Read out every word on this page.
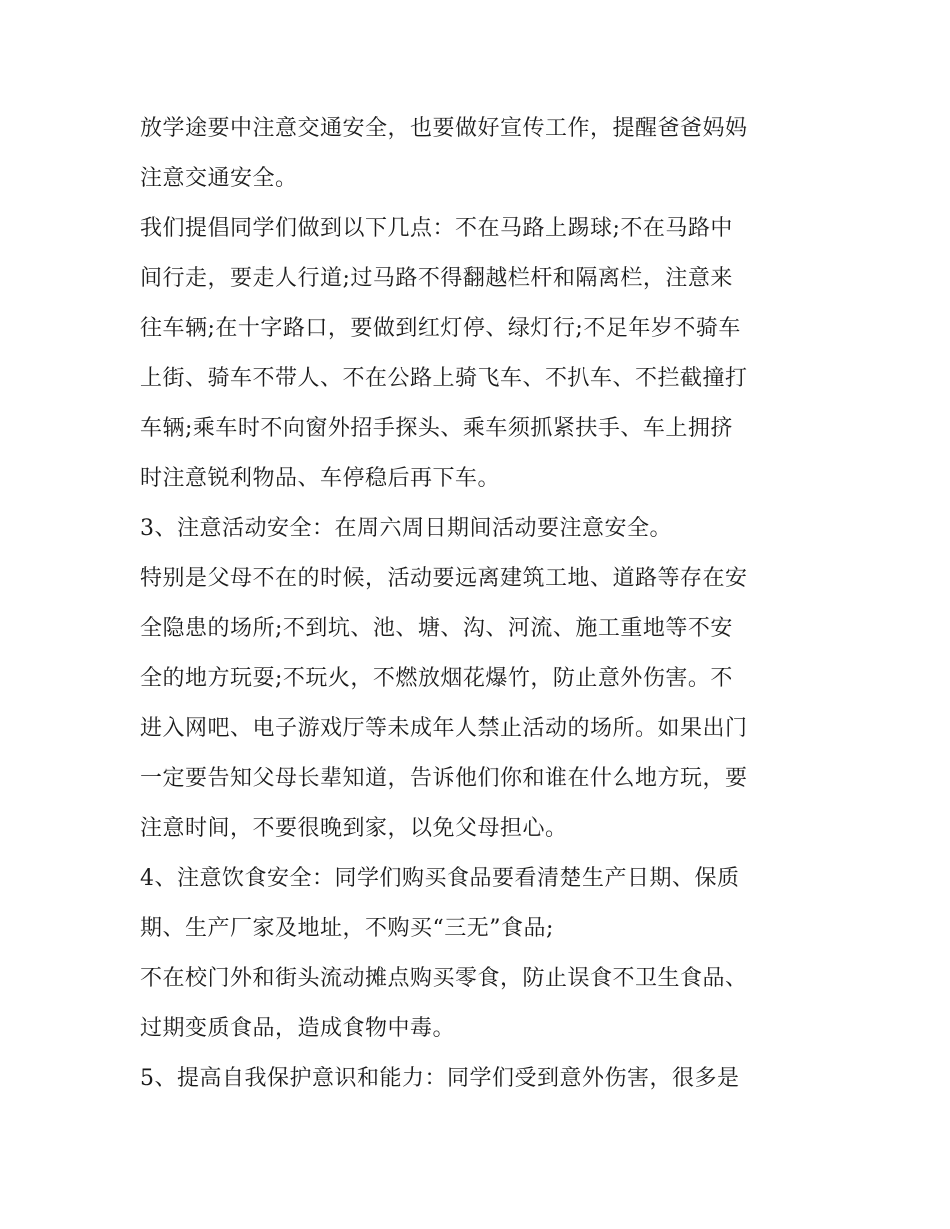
放学途要中注意交通安全，也要做好宣传工作，提醒爸爸妈妈
注意交通安全。
我们提倡同学们做到以下几点：不在马路上踢球;不在马路中
间行走，要走人行道;过马路不得翻越栏杆和隔离栏，注意来
往车辆;在十字路口，要做到红灯停、绿灯行;不足年岁不骑车
上街、骑车不带人、不在公路上骑飞车、不扒车、不拦截撞打
车辆;乘车时不向窗外招手探头、乘车须抓紧扶手、车上拥挤
时注意锐利物品、车停稳后再下车。
3、注意活动安全：在周六周日期间活动要注意安全。
特别是父母不在的时候，活动要远离建筑工地、道路等存在安
全隐患的场所;不到坑、池、塘、沟、河流、施工重地等不安
全的地方玩耍;不玩火，不燃放烟花爆竹，防止意外伤害。不
进入网吧、电子游戏厅等未成年人禁止活动的场所。如果出门
一定要告知父母长辈知道，告诉他们你和谁在什么地方玩，要
注意时间，不要很晚到家，以免父母担心。
4、注意饮食安全：同学们购买食品要看清楚生产日期、保质
期、生产厂家及地址，不购买“三无”食品;
不在校门外和街头流动摊点购买零食，防止误食不卫生食品、
过期变质食品，造成食物中毒。
5、提高自我保护意识和能力：同学们受到意外伤害，很多是
